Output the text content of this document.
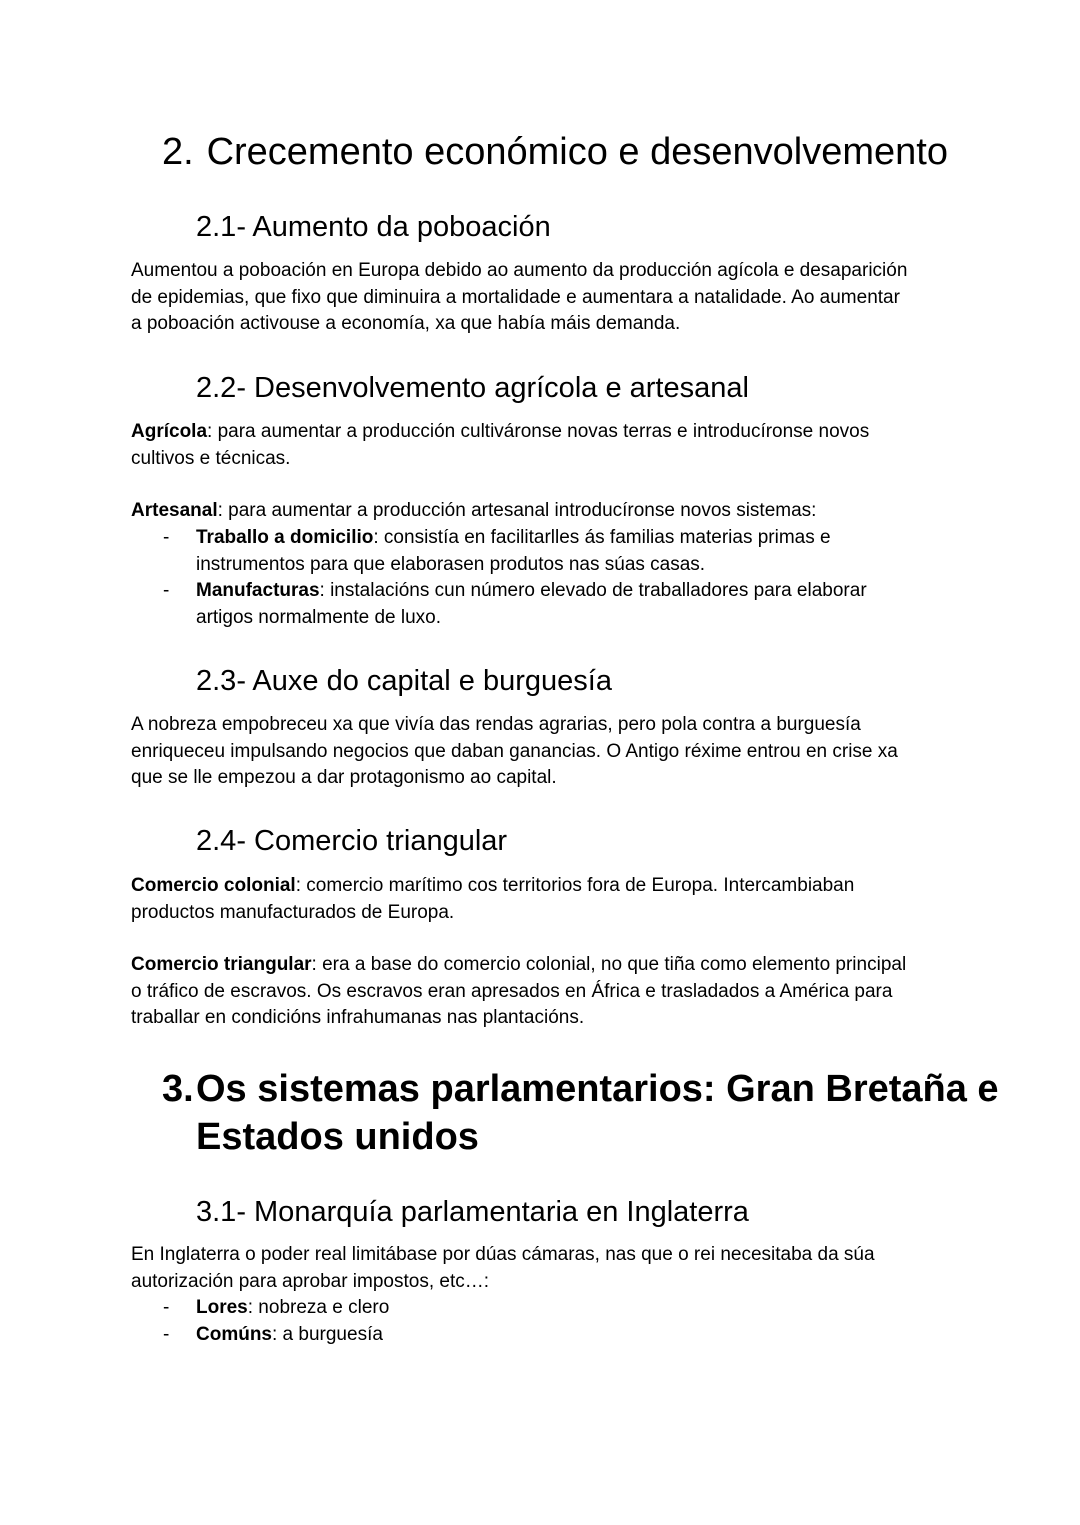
2. Crecemento económico e desenvolvemento
2.1- Aumento da poboación

Aumentou a poboación en Europa debido ao aumento da producción agícola e desaparición
de epidemias, que fixo que diminuira a mortalidade e aumentara a natalidade. Ao aumentar
a poboación activouse a economía, xa que había máis demanda.

2.2- Desenvolvemento agrícola e artesanal

Agrícola: para aumentar a producción cultiváronse novas terras e introducíronse novos
cultivos e técnicas.

Artesanal: para aumentar a producción artesanal introducíronse novos sistemas:

- Traballo a domicilio: consistía en facilitarlles ás familias materias primas e
instrumentos para que elaborasen produtos nas súas casas.
- Manufacturas: instalacións cun número elevado de traballadores para elaborar
artigos normalmente de luxo.
2.3- Auxe do capital e burguesía

A nobreza empobreceu xa que vivía das rendas agrarias, pero pola contra a burguesía
enriqueceu impulsando negocios que daban ganancias. O Antigo réxime entrou en crise xa
que se lle empezou a dar protagonismo ao capital.

2.4- Comercio triangular

Comercio colonial: comercio marítimo cos territorios fora de Europa. Intercambiaban
productos manufacturados de Europa.

Comercio triangular: era a base do comercio colonial, no que tiña como elemento principal
o tráfico de escravos. Os escravos eran apresados en África e trasladados a América para
traballar en condicións infrahumanas nas plantacións.

3.Os sistemas parlamentarios: Gran Bretaña e
Estados unidos
3.1- Monarquía parlamentaria en Inglaterra

En Inglaterra o poder real limitábase por dúas cámaras, nas que o rei necesitaba da súa
autorización para aprobar impostos, etc…:

- Lores: nobreza e clero
- Comúns: a burguesía
